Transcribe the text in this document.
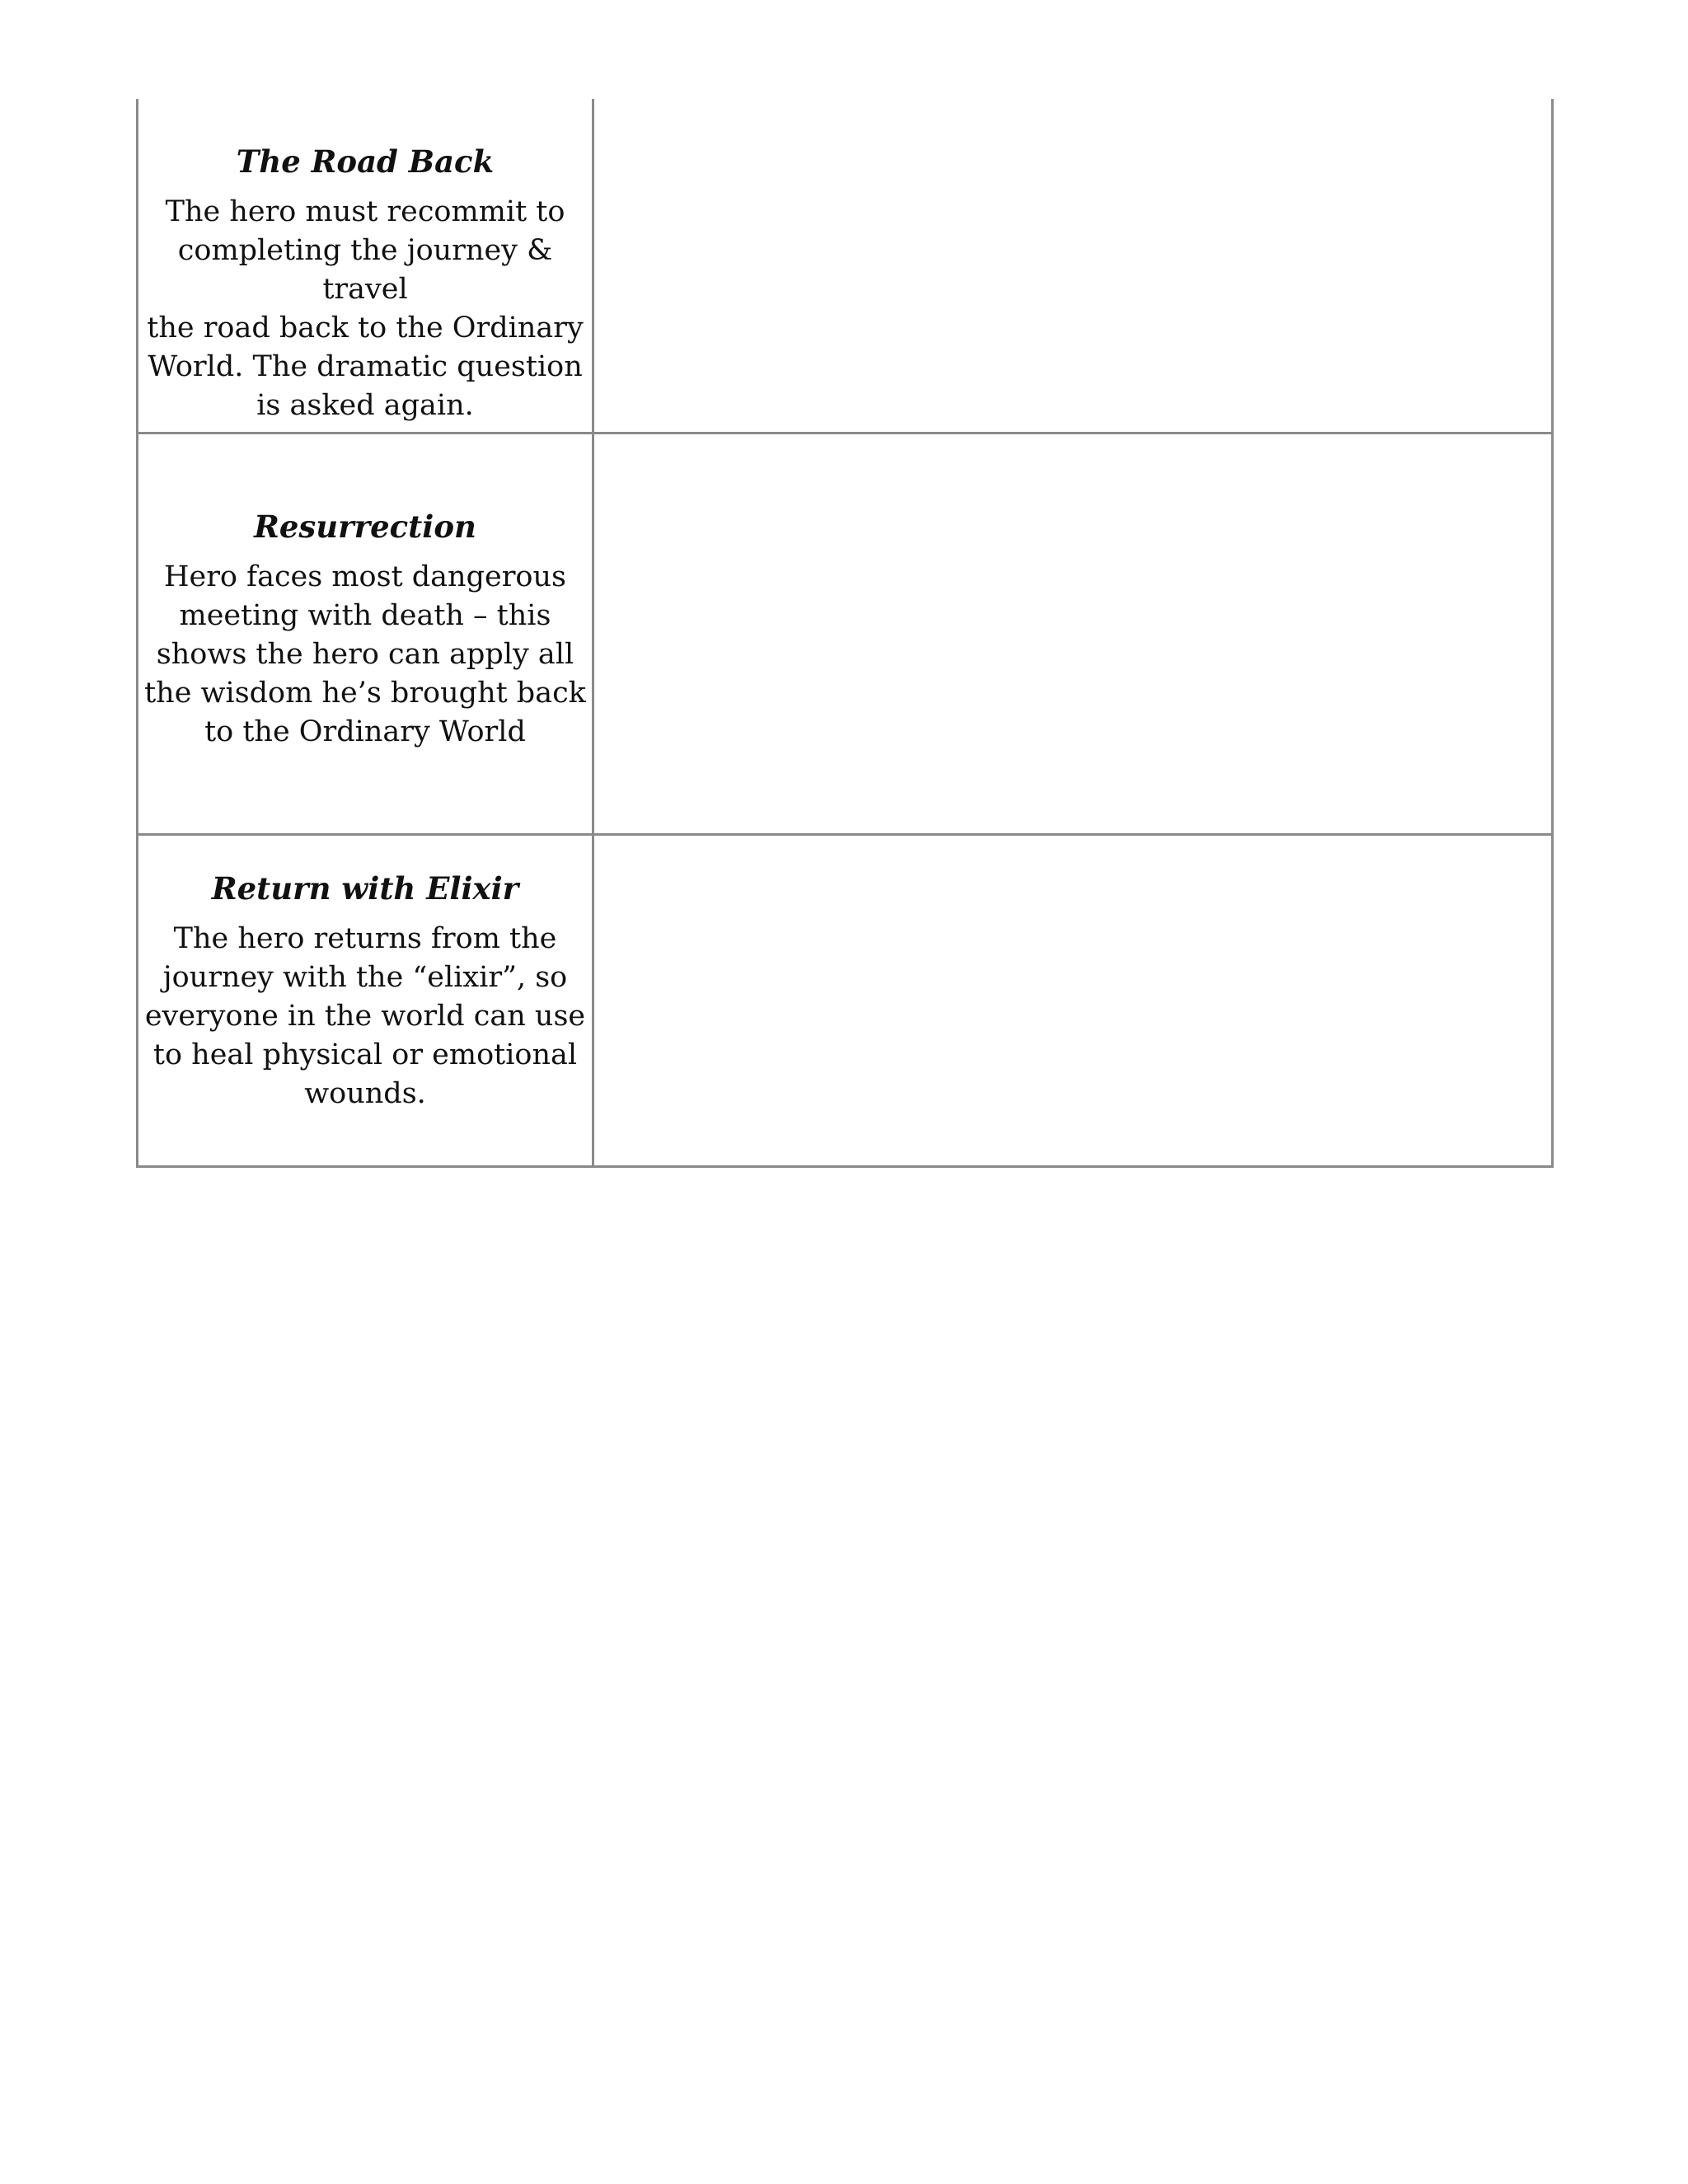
The Road Back
The hero must recommit to
completing the journey & travel
the road back to the Ordinary
World. The dramatic question
is asked again.
Resurrection
Hero faces most dangerous
meeting with death – this
shows the hero can apply all
the wisdom he’s brought back
to the Ordinary World
Return with Elixir
The hero returns from the
journey with the “elixir”, so
everyone in the world can use
to heal physical or emotional
wounds.
